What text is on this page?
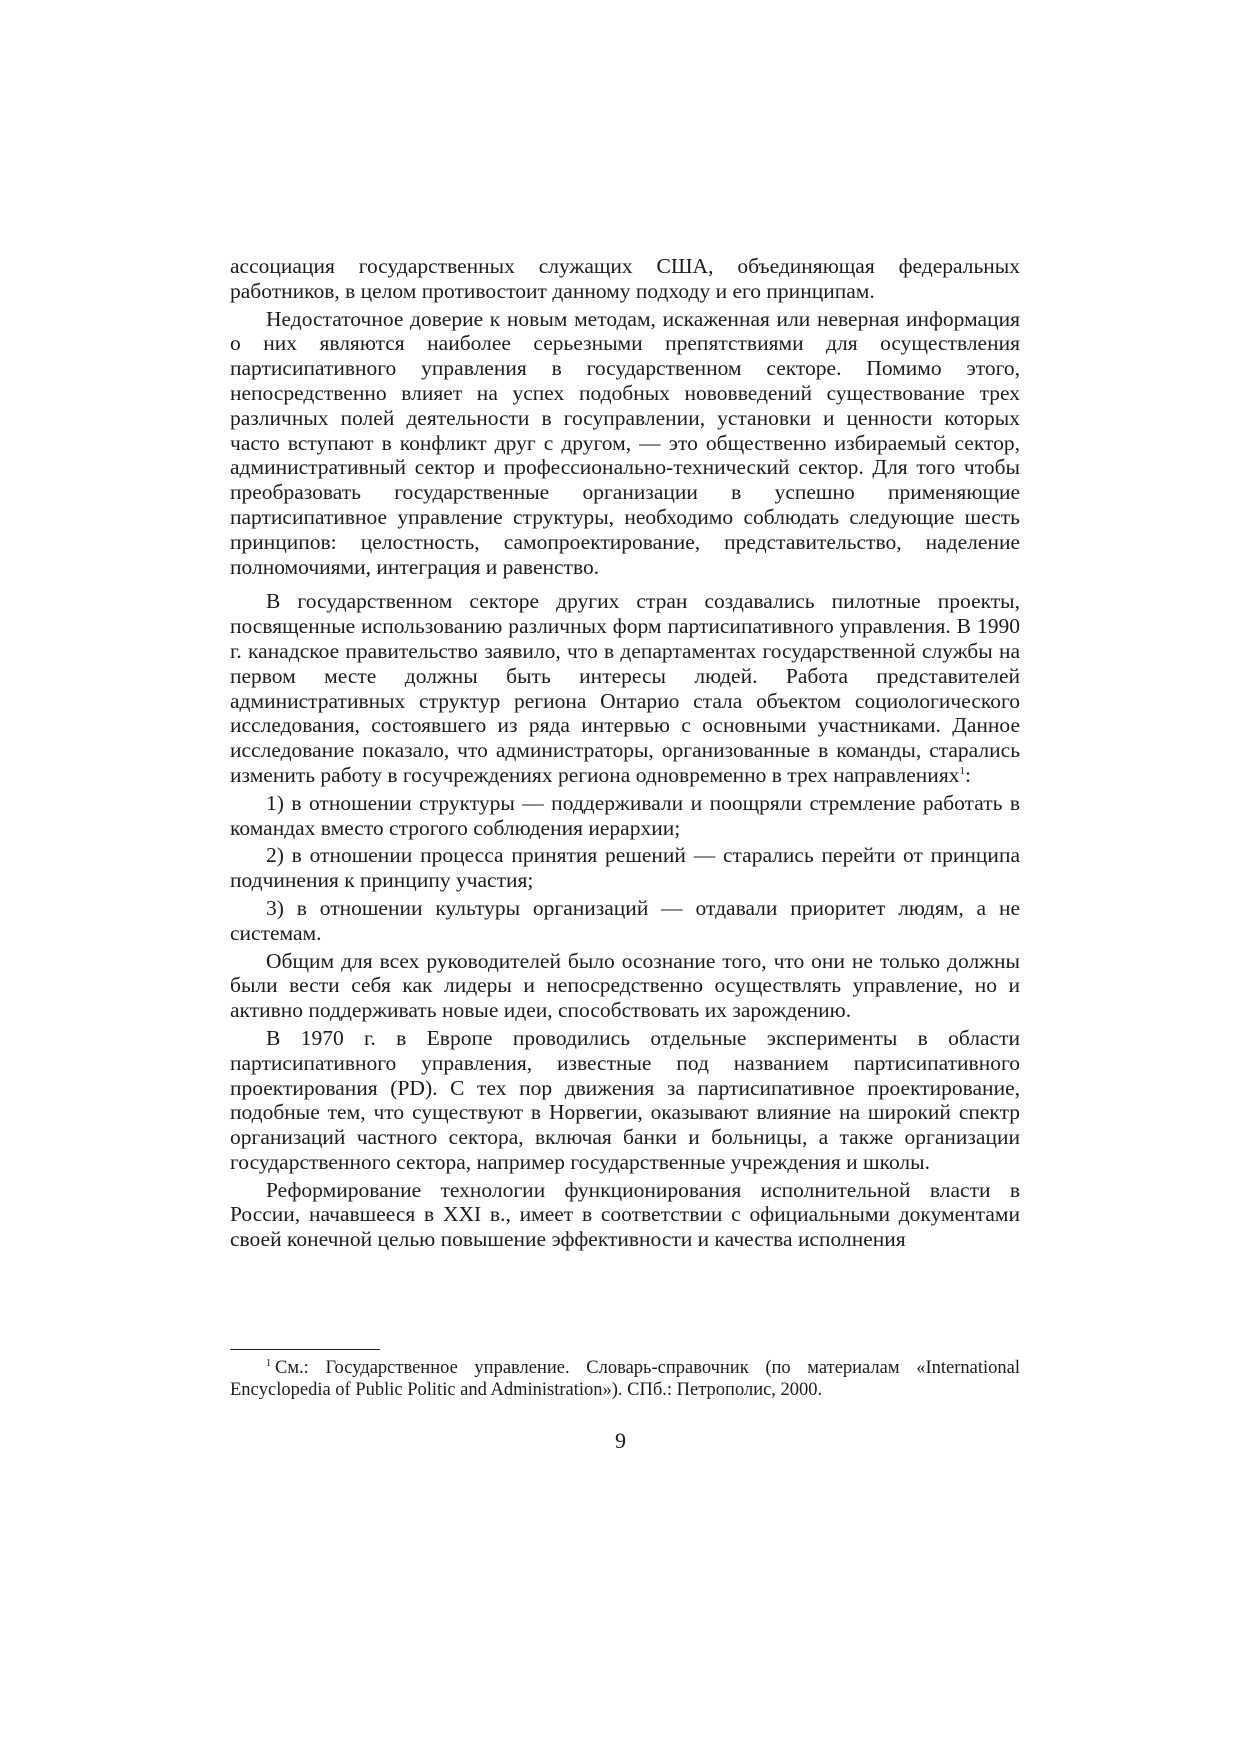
ассоциация государственных служащих США, объединяющая федеральных работников, в целом противостоит данному подходу и его принципам.

Недостаточное доверие к новым методам, искаженная или неверная информация о них являются наиболее серьезными препятствиями для осуществления партисипативного управления в государственном секторе. Помимо этого, непосредственно влияет на успех подобных нововведений существование трех различных полей деятельности в госуправлении, установки и ценности которых часто вступают в конфликт друг с другом, — это общественно избираемый сектор, административный сектор и профессионально-технический сектор. Для того чтобы преобразовать государственные организации в успешно применяющие партисипативное управление структуры, необходимо соблюдать следующие шесть принципов: целостность, самопроектирование, представительство, наделение полномочиями, интеграция и равенство.

В государственном секторе других стран создавались пилотные проекты, посвященные использованию различных форм партисипативного управления. В 1990 г. канадское правительство заявило, что в департаментах государственной службы на первом месте должны быть интересы людей. Работа представителей административных структур региона Онтарио стала объектом социологического исследования, состоявшего из ряда интервью с основными участниками. Данное исследование показало, что администраторы, организованные в команды, старались изменить работу в госучреждениях региона одновременно в трех направлениях$^1$:

1) в отношении структуры — поддерживали и поощряли стремление работать в командах вместо строгого соблюдения иерархии;

2) в отношении процесса принятия решений — старались перейти от принципа подчинения к принципу участия;

3) в отношении культуры организаций — отдавали приоритет людям, а не системам.

Общим для всех руководителей было осознание того, что они не только должны были вести себя как лидеры и непосредственно осуществлять управление, но и активно поддерживать новые идеи, способствовать их зарождению.

В 1970 г. в Европе проводились отдельные эксперименты в области партисипативного управления, известные под названием партисипативного проектирования (PD). С тех пор движения за партисипативное проектирование, подобные тем, что существуют в Норвегии, оказывают влияние на широкий спектр организаций частного сектора, включая банки и больницы, а также организации государственного сектора, например государственные учреждения и школы.

Реформирование технологии функционирования исполнительной власти в России, начавшееся в XXI в., имеет в соответствии с официальными документами своей конечной целью повышение эффективности и качества исполнения

$^1$ См.: Государственное управление. Словарь-справочник (по материалам «International Encyclopedia of Public Politic and Administration»). СПб.: Петрополис, 2000.
9
